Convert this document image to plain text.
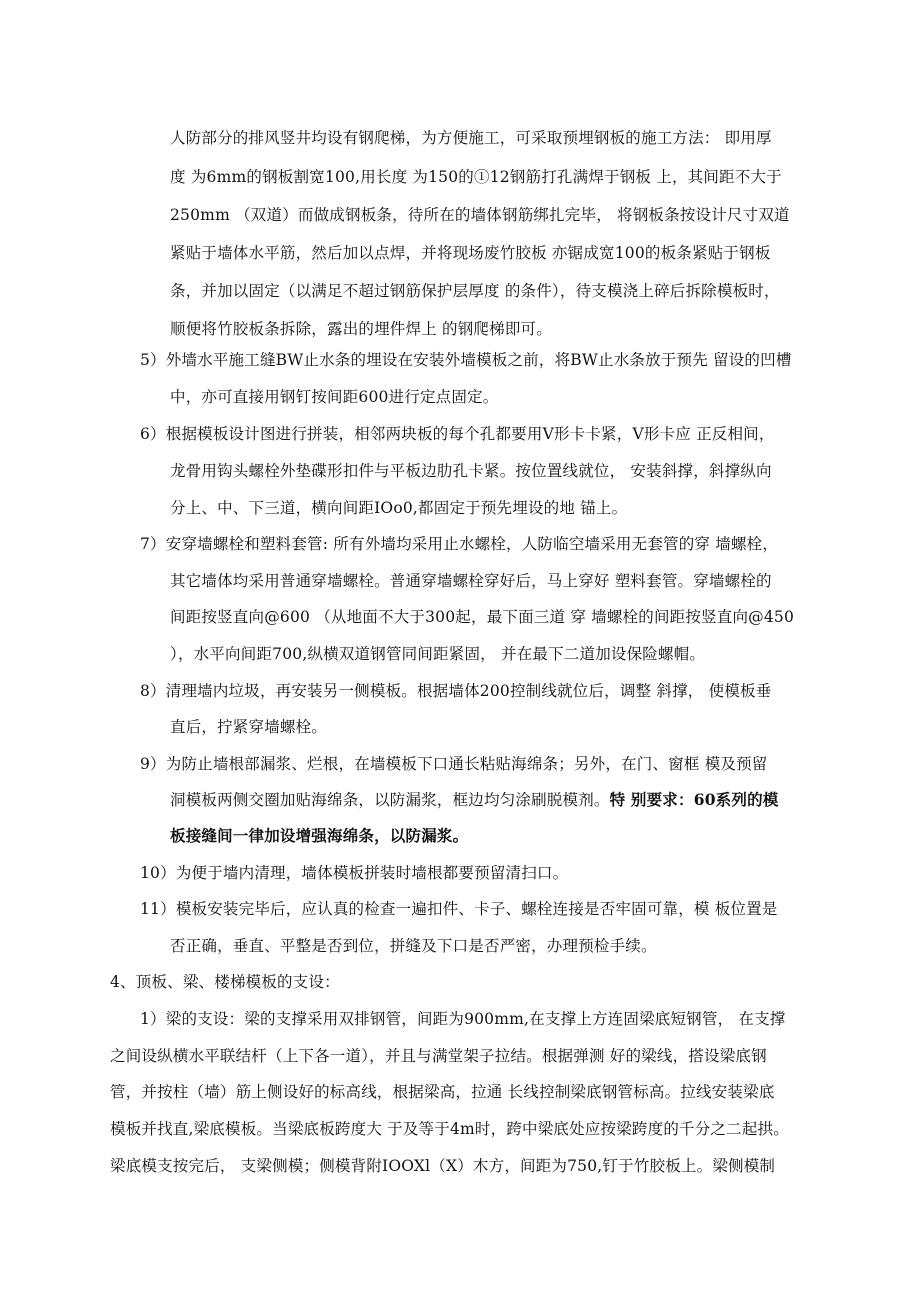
人防部分的排风竖井均设有钢爬梯，为方便施工，可采取预埋钢板的施工方法： 即用厚
度 为6mm的钢板割宽100,用长度 为150的①12钢筋打孔满焊于钢板 上，其间距不大于
250mm （双道）而做成钢板条，待所在的墙体钢筋绑扎完毕， 将钢板条按设计尺寸双道
紧贴于墙体水平筋，然后加以点焊，并将现场废竹胶板 亦锯成宽100的板条紧贴于钢板
条，并加以固定（以满足不超过钢筋保护层厚度 的条件），待支模浇上碎后拆除模板时，
顺便将竹胶板条拆除，露出的埋件焊上 的钢爬梯即可。
5）外墙水平施工缝BW止水条的埋设在安装外墙模板之前，将BW止水条放于预先 留设的凹槽
中，亦可直接用钢钉按间距600进行定点固定。
6）根据模板设计图进行拼装，相邻两块板的每个孔都要用V形卡卡紧，V形卡应 正反相间，
龙骨用钩头螺栓外垫碟形扣件与平板边肋孔卡紧。按位置线就位， 安装斜撑，斜撑纵向
分上、中、下三道，横向间距IOo0,都固定于预先埋设的地 锚上。
7）安穿墙螺栓和塑料套管: 所有外墙均采用止水螺栓，人防临空墙采用无套管的穿 墙螺栓，
其它墙体均采用普通穿墙螺栓。普通穿墙螺栓穿好后，马上穿好 塑料套管。穿墙螺栓的
间距按竖直向@600 （从地面不大于300起，最下面三道 穿 墙螺栓的间距按竖直向@450
），水平向间距700,纵横双道钢管同间距紧固， 并在最下二道加设保险螺帽。
8）清理墙内垃圾，再安装另一侧模板。根据墙体200控制线就位后，调整 斜撑， 使模板垂
直后，拧紧穿墙螺栓。
9）为防止墙根部漏浆、烂根，在墙模板下口通长粘贴海绵条；另外，在门、窗框 模及预留
洞模板两侧交圈加贴海绵条，以防漏浆，框边均匀涂刷脱模剂。特 别要求：60系列的模
板接缝间一律加设增强海绵条，以防漏浆。
10）为便于墙内清理，墙体模板拼装时墙根都要预留清扫口。
11）模板安装完毕后，应认真的检查一遍扣件、卡子、螺栓连接是否牢固可靠，模 板位置是
否正确，垂直、平整是否到位，拼缝及下口是否严密，办理预检手续。
4、顶板、梁、楼梯模板的支设：
1）梁的支设：梁的支撑采用双排钢管，间距为900mm,在支撑上方连固梁底短钢管， 在支撑
之间设纵横水平联结杆（上下各一道），并且与满堂架子拉结。根据弹测 好的梁线，搭设梁底钢
管，并按柱（墙）筋上侧设好的标高线，根据梁高，拉通 长线控制梁底钢管标高。拉线安装梁底
模板并找直,梁底模板。当梁底板跨度大 于及等于4m时，跨中梁底处应按梁跨度的千分之二起拱。
梁底模支按完后， 支梁侧模；侧模背附IOOXl（X）木方，间距为750,钉于竹胶板上。梁侧模制
